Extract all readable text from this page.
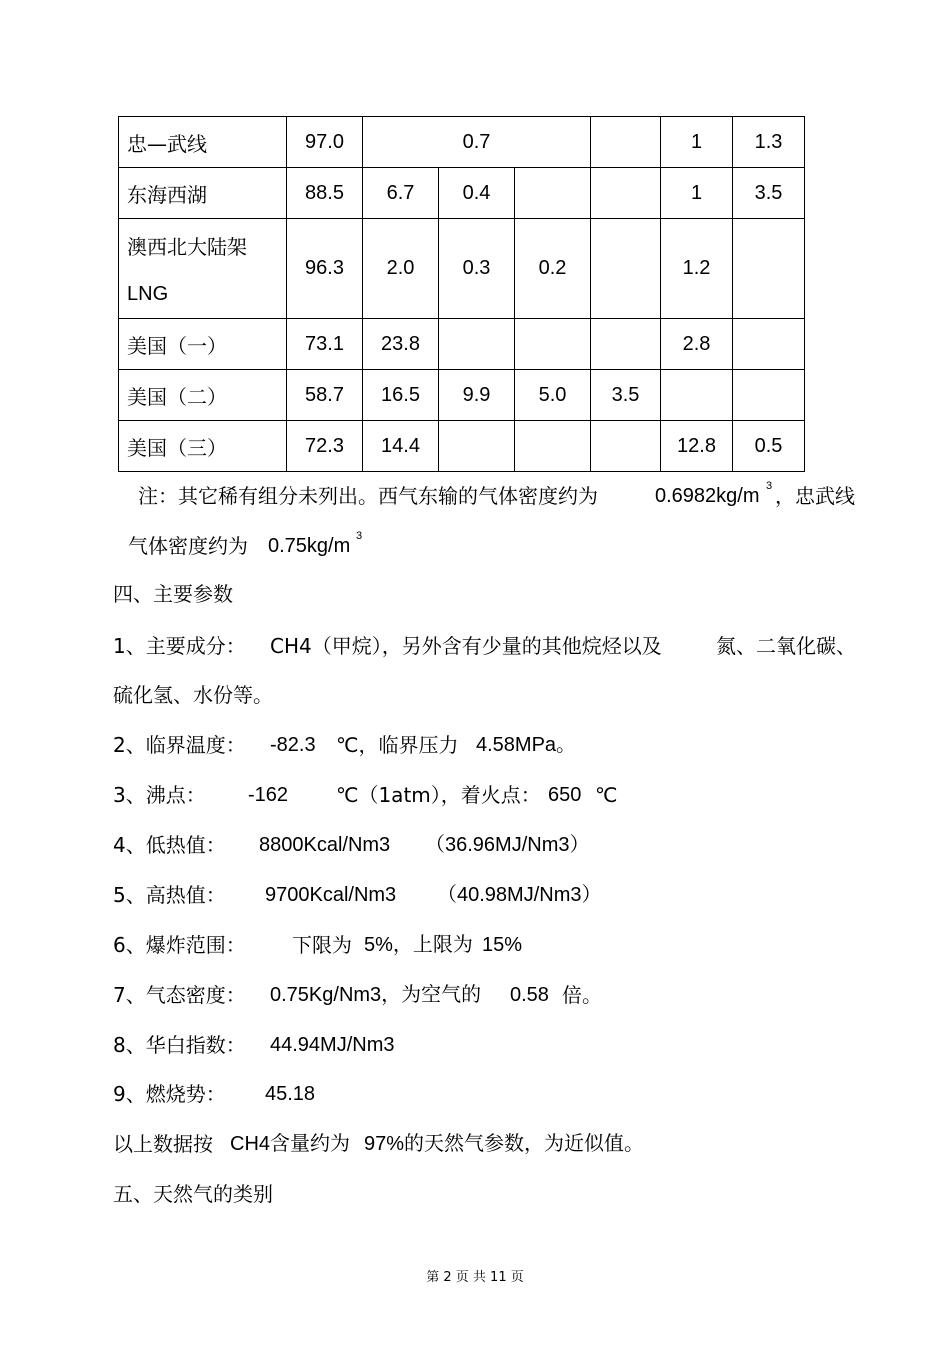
忠—武线	97.0	0.7				1	1.3
东海西湖	88.5	6.7	0.4			1	3.5

澳西北大陆架
LNG	96.3	2.0	0.3	0.2		1.2	
美国（一）	73.1	23.8				2.8	
美国（二）	58.7	16.5	9.9	5.0	3.5		
美国（三）	72.3	14.4				12.8	0.5
注：其它稀有组分未列出。西气东输的气体密度约为	0.6982kg/m 3 ，忠武线
气体密度约为 0.75kg/m 3
四、主要参数
1、主要成分： CH4（甲烷），另外含有少量的其他烷烃以及	氮、二氧化碳、
硫化氢、水份等。
2、临界温度： -82.3 ℃，临界压力 4.58MPa。
3、沸点： -162 ℃（1atm），着火点： 650 ℃
4、低热值： 8800Kcal/Nm3 （36.96MJ/Nm3）
5、高热值： 9700Kcal/Nm3 （40.98MJ/Nm3）
6、爆炸范围： 下限为 5%，上限为 15%
7、气态密度： 0.75Kg/Nm3，为空气的 0.58 倍。
8、华白指数： 44.94MJ/Nm3
9、燃烧势： 45.18
以上数据按 CH4含量约为 97%的天然气参数，为近似值。
五、天然气的类别
第 2 页 共 11 页
